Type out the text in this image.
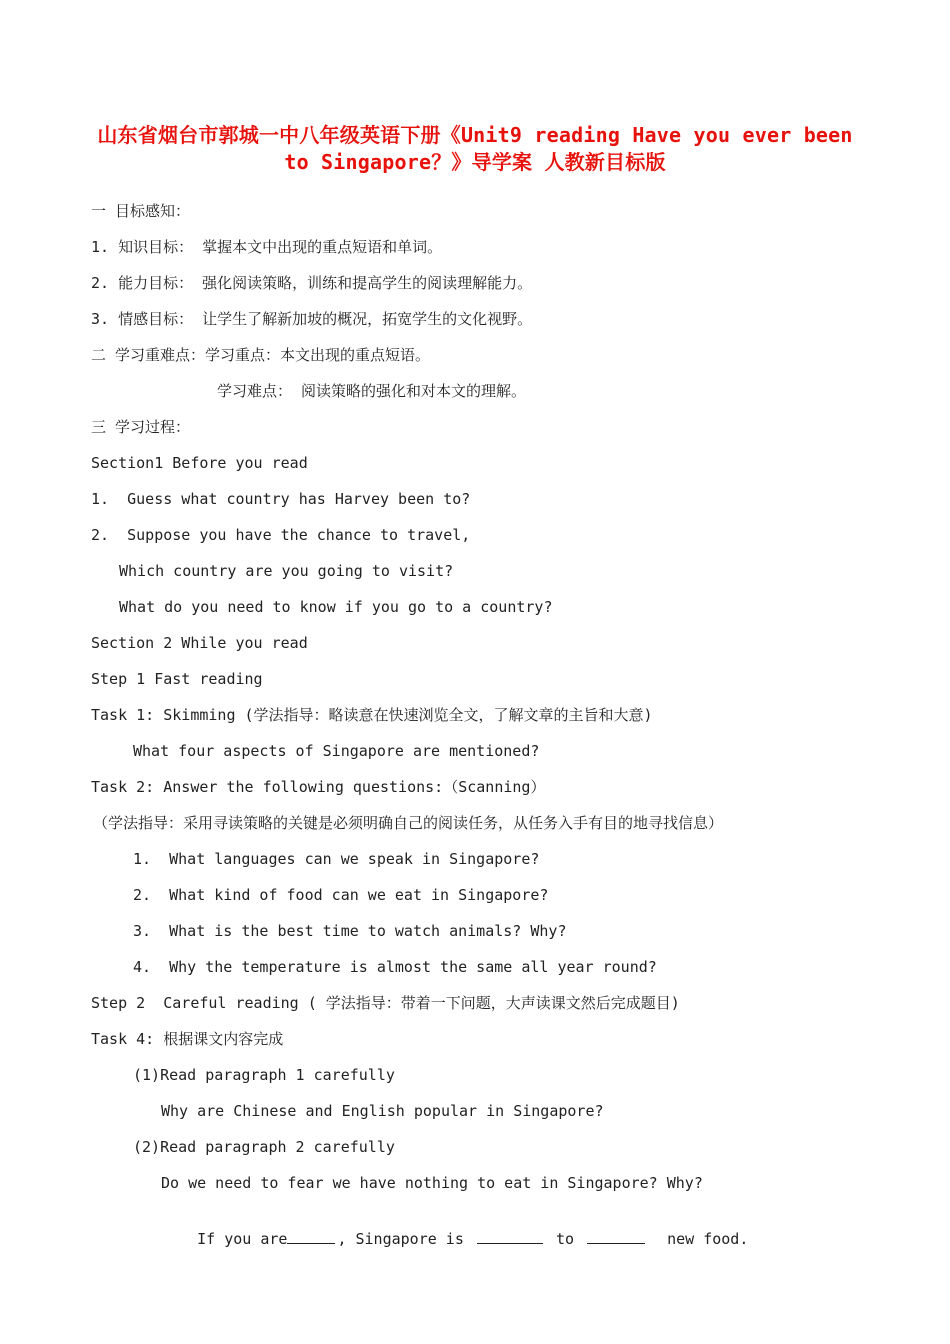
山东省烟台市郭城一中八年级英语下册《Unit9 reading Have you ever been
to Singapore？》导学案 人教新目标版
一 目标感知：
1. 知识目标： 掌握本文中出现的重点短语和单词。
2. 能力目标： 强化阅读策略，训练和提高学生的阅读理解能力。
3. 情感目标： 让学生了解新加坡的概况，拓宽学生的文化视野。
二 学习重难点：学习重点：本文出现的重点短语。
学习难点： 阅读策略的强化和对本文的理解。
三 学习过程：
Section1 Before you read
1.  Guess what country has Harvey been to?
2.  Suppose you have the chance to travel,
Which country are you going to visit?
What do you need to know if you go to a country?
Section 2 While you read
Step 1 Fast reading
Task 1: Skimming (学法指导：略读意在快速浏览全文，了解文章的主旨和大意)
What four aspects of Singapore are mentioned?
Task 2: Answer the following questions:（Scanning）
（学法指导：采用寻读策略的关键是必须明确自己的阅读任务，从任务入手有目的地寻找信息）
1.  What languages can we speak in Singapore?
2.  What kind of food can we eat in Singapore?
3.  What is the best time to watch animals? Why?
4.  Why the temperature is almost the same all year round?
Step 2  Careful reading ( 学法指导：带着一下问题，大声读课文然后完成题目)
Task 4: 根据课文内容完成
(1)Read paragraph 1 carefully
Why are Chinese and English popular in Singapore?
(2)Read paragraph 2 carefully
Do we need to fear we have nothing to eat in Singapore? Why?

If you are	, Singapore is	to	new food.
